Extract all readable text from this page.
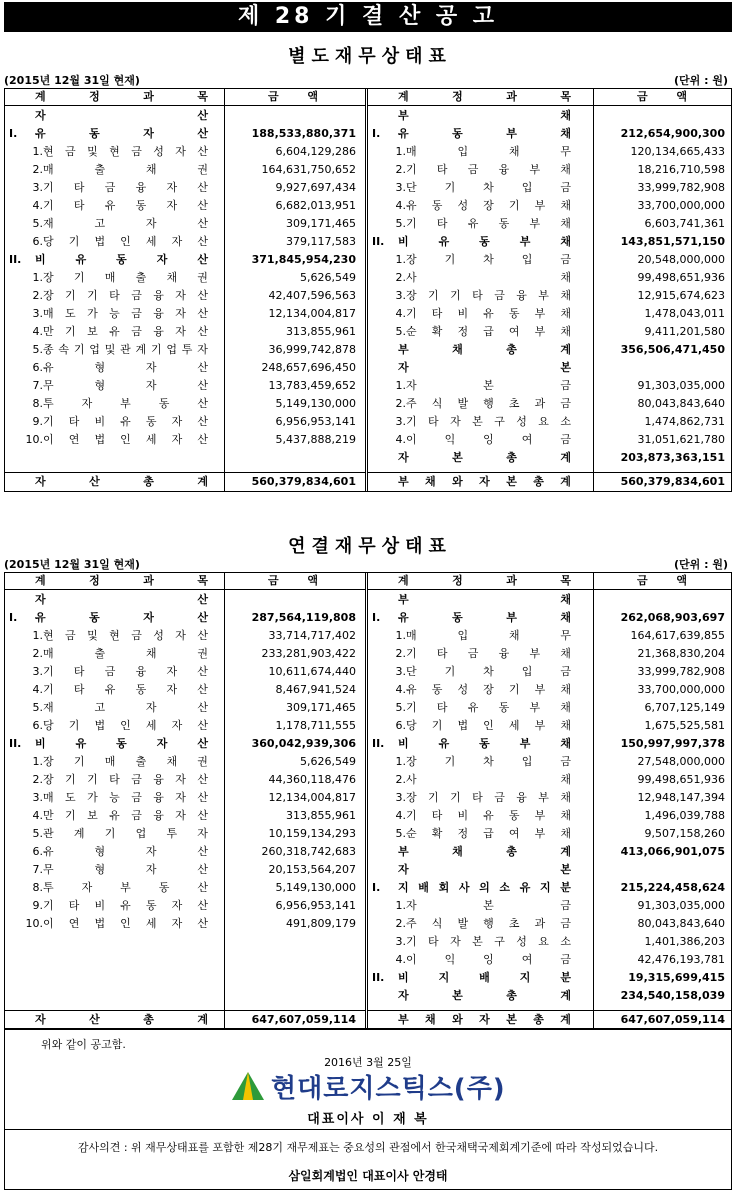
제 28 기 결 산 공 고
별도재무상태표
(2015년 12월 31일 현재)	(단위 : 원)
계	정	과	목	금	액
자	산
I. 유	동	자	산	188,533,880,371
1. 현 금 및 현 금 성 자 산	6,604,129,286
2. 매	출	채	권	164,631,750,652
3. 기 타 금 융 자 산	9,927,697,434
4. 기 타 유 동 자 산	6,682,013,951
5. 재	고	자	산	309,171,465
6. 당 기 법 인 세 자 산	379,117,583
II. 비	유	동	자	산	371,845,954,230
1. 장 기 매 출 채 권	5,626,549
2. 장 기 기 타 금 융 자 산	42,407,596,563
3. 매 도 가 능 금 융 자 산	12,134,004,817
4. 만 기 보 유 금 융 자 산	313,855,961
5. 종 속 기 업 및 관 계 기 업 투 자	36,999,742,878
6. 유	형	자	산	248,657,696,450
7. 무	형	자	산	13,783,459,652
8. 투	자	부	동	산	5,149,130,000
9. 기 타 비 유 동 자 산	6,956,953,141
10. 이 연 법 인 세 자 산	5,437,888,219
자	산	총	계	560,379,834,601
계	정	과	목	금	액
부	채
I. 유	동	부	채	212,654,900,300
1. 매	입	채	무	120,134,665,433
2. 기 타 금 융 부 채	18,216,710,598
3. 단	기	차	입	금	33,999,782,908
4. 유 동 성 장 기 부 채	33,700,000,000
5. 기 타 유 동 부 채	6,603,741,361
II. 비	유	동	부	채	143,851,571,150
1. 장	기	차	입	금	20,548,000,000
2. 사	채	99,498,651,936
3. 장 기 기 타 금 융 부 채	12,915,674,623
4. 기 타 비 유 동 부 채	1,478,043,011
5. 순 확 정 급 여 부 채	9,411,201,580
부	채	총	계	356,506,471,450
자	본
1. 자	본	금	91,303,035,000
2. 주 식 발 행 초 과 금	80,043,843,640
3. 기 타 자 본 구 성 요 소	1,474,862,731
4. 이	익	잉	여	금	31,051,621,780
자	본	총	계	203,873,363,151
부 채 와 자 본 총 계	560,379,834,601
연결재무상태표
(2015년 12월 31일 현재)	(단위 : 원)
계	정	과	목	금	액
자	산
I. 유	동	자	산	287,564,119,808
1. 현 금 및 현 금 성 자 산	33,714,717,402
2. 매	출	채	권	233,281,903,422
3. 기 타 금 융 자 산	10,611,674,440
4. 기 타 유 동 자 산	8,467,941,524
5. 재	고	자	산	309,171,465
6. 당 기 법 인 세 자 산	1,178,711,555
II. 비	유	동	자	산	360,042,939,306
1. 장 기 매 출 채 권	5,626,549
2. 장 기 기 타 금 융 자 산	44,360,118,476
3. 매 도 가 능 금 융 자 산	12,134,004,817
4. 만 기 보 유 금 융 자 산	313,855,961
5. 관 계 기 업 투 자	10,159,134,293
6. 유	형	자	산	260,318,742,683
7. 무	형	자	산	20,153,564,207
8. 투	자	부	동	산	5,149,130,000
9. 기 타 비 유 동 자 산	6,956,953,141
10. 이 연 법 인 세 자 산	491,809,179
자	산	총	계	647,607,059,114
계	정	과	목	금	액
부	채
I. 유	동	부	채	262,068,903,697
1. 매	입	채	무	164,617,639,855
2. 기 타 금 융 부 채	21,368,830,204
3. 단	기	차	입	금	33,999,782,908
4. 유 동 성 장 기 부 채	33,700,000,000
5. 기 타 유 동 부 채	6,707,125,149
6. 당 기 법 인 세 부 채	1,675,525,581
II. 비	유	동	부	채	150,997,997,378
1. 장	기	차	입	금	27,548,000,000
2. 사	채	99,498,651,936
3. 장 기 기 타 금 융 부 채	12,948,147,394
4. 기 타 비 유 동 부 채	1,496,039,788
5. 순 확 정 급 여 부 채	9,507,158,260
부	채	총	계	413,066,901,075
자	본
I. 지 배 회 사 의 소 유 지 분	215,224,458,624
1. 자	본	금	91,303,035,000
2. 주 식 발 행 초 과 금	80,043,843,640
3. 기 타 자 본 구 성 요 소	1,401,386,203
4. 이	익	잉	여	금	42,476,193,781
II. 비	지	배	지	분	19,315,699,415
자	본	총	계	234,540,158,039
부 채 와 자 본 총 계	647,607,059,114
위와 같이 공고함.
2016년 3월 25일
현대로지스틱스(주)
대표이사 이 재 복
감사의견 : 위 재무상태표를 포함한 제28기 재무제표는 중요성의 관점에서 한국채택국제회계기준에 따라 작성되었습니다.
삼일회계법인 대표이사 안경태
